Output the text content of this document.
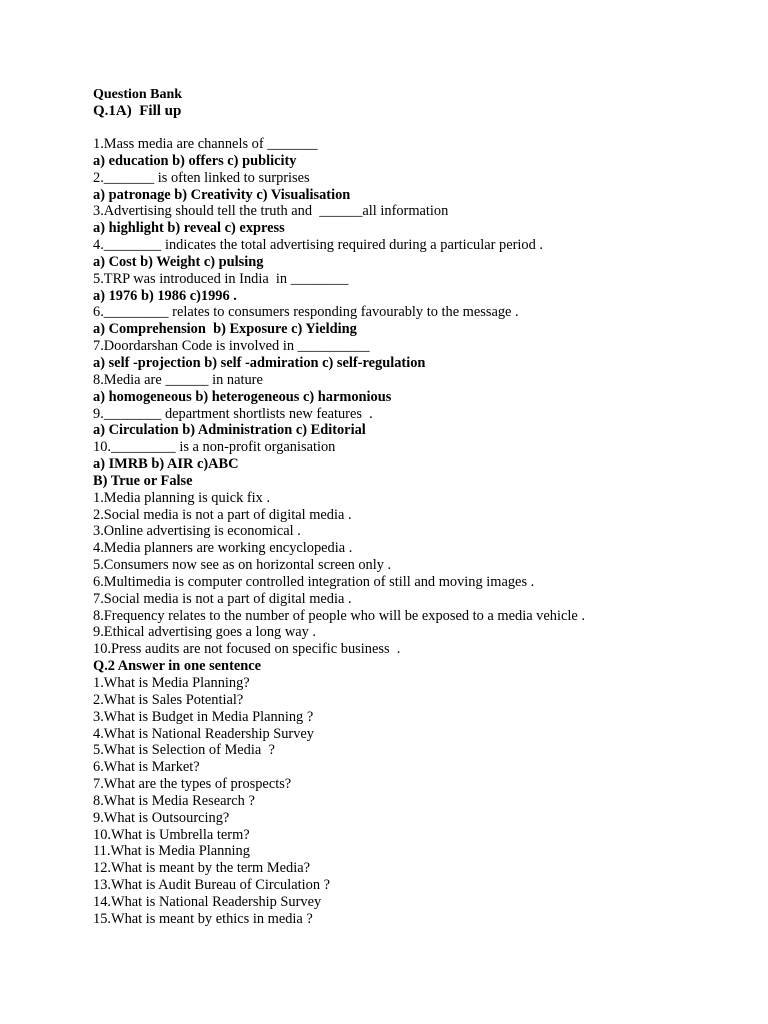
Question Bank
Q.1A)  Fill up
1.Mass media are channels of _______
a) education b) offers c) publicity
2._______ is often linked to surprises
a) patronage b) Creativity c) Visualisation
3.Advertising should tell the truth and  ______all information
a) highlight b) reveal c) express
4.________ indicates the total advertising required during a particular period .
a) Cost b) Weight c) pulsing
5.TRP was introduced in India  in ________
a) 1976 b) 1986 c)1996 .
6._________ relates to consumers responding favourably to the message .
a) Comprehension  b) Exposure c) Yielding
7.Doordarshan Code is involved in __________
a) self -projection b) self -admiration c) self-regulation
8.Media are ______ in nature
a) homogeneous b) heterogeneous c) harmonious
9.________ department shortlists new features  .
a) Circulation b) Administration c) Editorial
10._________ is a non-profit organisation
a) IMRB b) AIR c)ABC
B) True or False
1.Media planning is quick fix .
2.Social media is not a part of digital media .
3.Online advertising is economical .
4.Media planners are working encyclopedia .
5.Consumers now see as on horizontal screen only .
6.Multimedia is computer controlled integration of still and moving images .
7.Social media is not a part of digital media .
8.Frequency relates to the number of people who will be exposed to a media vehicle .
9.Ethical advertising goes a long way .
10.Press audits are not focused on specific business  .
Q.2 Answer in one sentence
1.What is Media Planning?
2.What is Sales Potential?
3.What is Budget in Media Planning ?
4.What is National Readership Survey
5.What is Selection of Media  ?
6.What is Market?
7.What are the types of prospects?
8.What is Media Research ?
9.What is Outsourcing?
10.What is Umbrella term?
11.What is Media Planning
12.What is meant by the term Media?
13.What is Audit Bureau of Circulation ?
14.What is National Readership Survey
15.What is meant by ethics in media ?
